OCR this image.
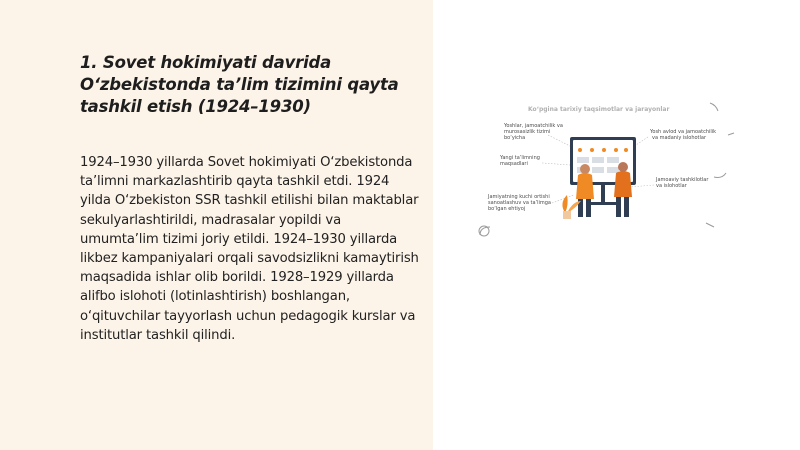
1. Sovet hokimiyati davrida O‘zbekistonda ta’lim tizimini qayta tashkil etish (1924–1930)

1924–1930 yillarda Sovet hokimiyati O‘zbekistonda ta’limni markazlashtirib qayta tashkil etdi. 1924 yilda O‘zbekiston SSR tashkil etilishi bilan maktablar sekulyarlashtirildi, madrasalar yopildi va umumta’lim tizimi joriy etildi. 1924–1930 yillarda likbez kampaniyalari orqali savodsizlikni kamaytirish maqsadida ishlar olib borildi. 1928–1929 yillarda alifbo islohoti (lotinlashtirish) boshlangan, o‘qituvchilar tayyorlash uchun pedagogik kurslar va institutlar tashkil qilindi.

Ko‘pgina tarixiy taqsimotlar va jarayonlar
Yoshlar, jamoatchilik va murosasizlik tizimi bo‘yicha
Yangi ta’limning maqsadlari
Jamiyatning kuchi ortishi sanoatlashuv va ta’limga bo‘lgan ehtiyoj
Yosh avlod va jamoatchilik va madaniy islohotlar
Jamoaviy tashkilotlar va islohotlar
